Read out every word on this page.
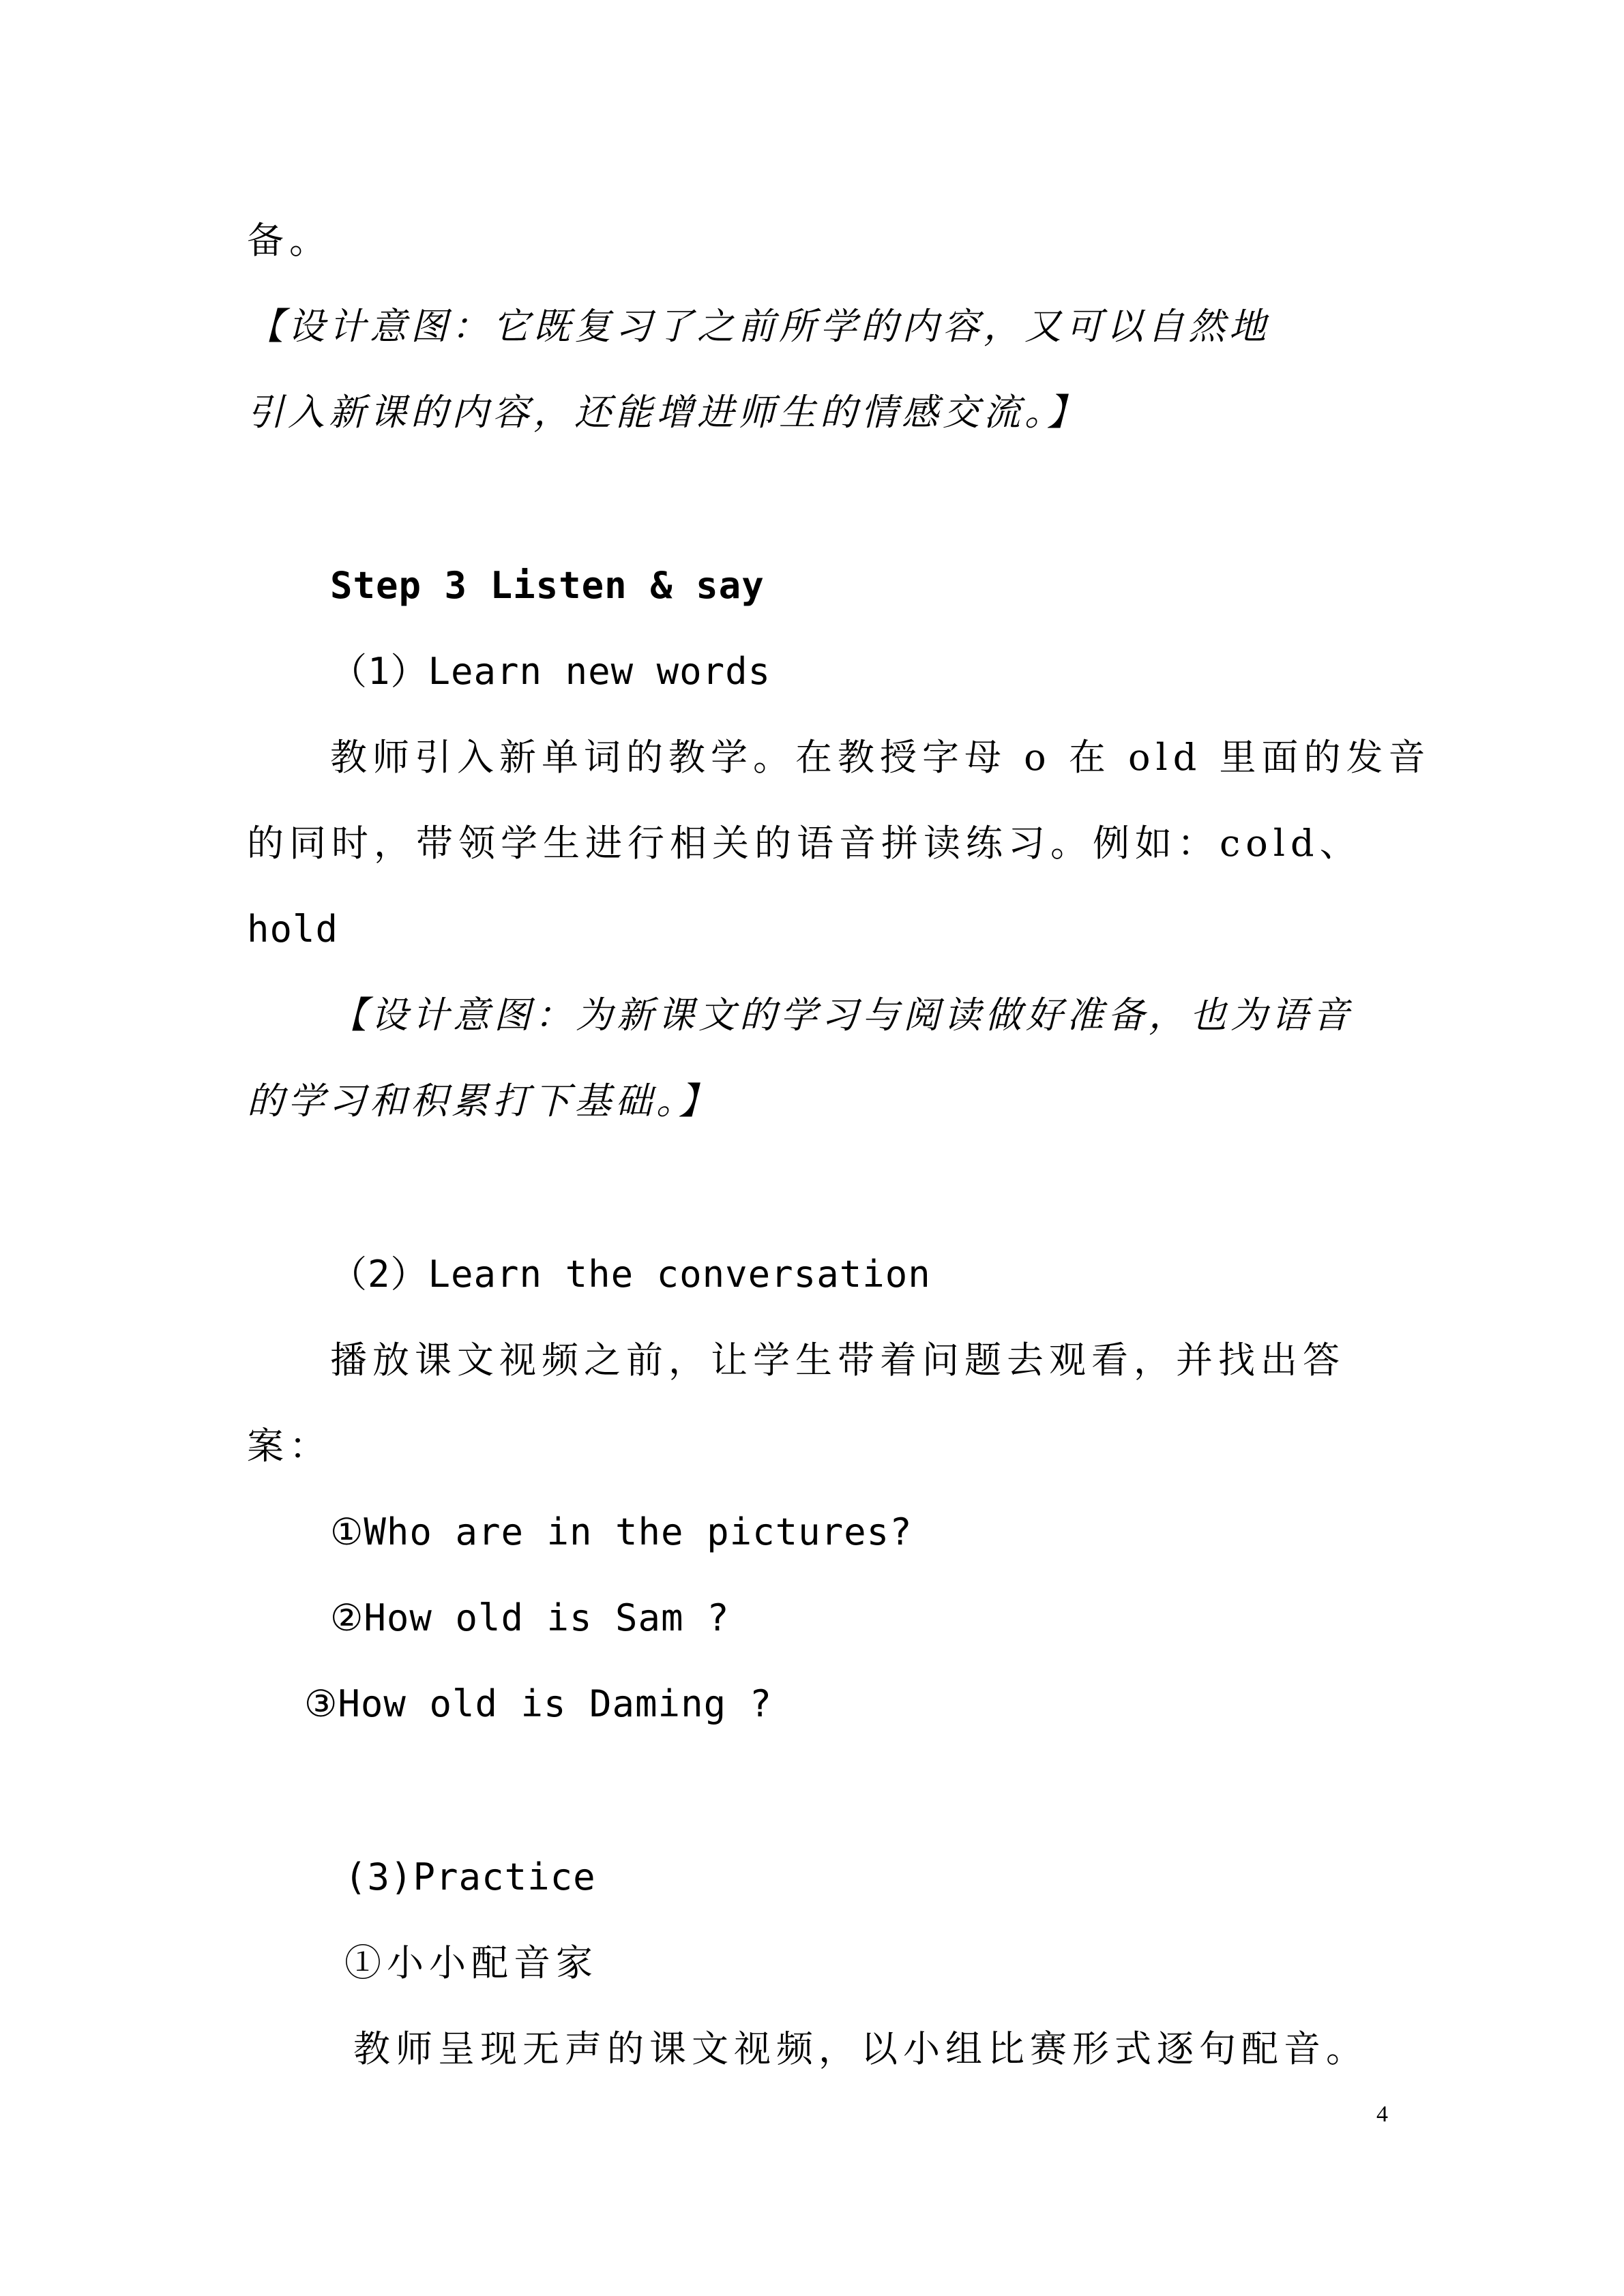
备。
【设计意图：它既复习了之前所学的内容，又可以自然地
引入新课的内容，还能增进师生的情感交流。】
Step 3 Listen & say
（1）Learn new words
教师引入新单词的教学。在教授字母 o 在 old 里面的发音
的同时，带领学生进行相关的语音拼读练习。例如：cold、
hold
【设计意图：为新课文的学习与阅读做好准备，也为语音
的学习和积累打下基础。】
（2）Learn the conversation
播放课文视频之前，让学生带着问题去观看，并找出答
案：
①Who are in the pictures?
②How old is Sam ?
③How old is Daming ?
(3)Practice
①小小配音家
教师呈现无声的课文视频，以小组比赛形式逐句配音。
4
